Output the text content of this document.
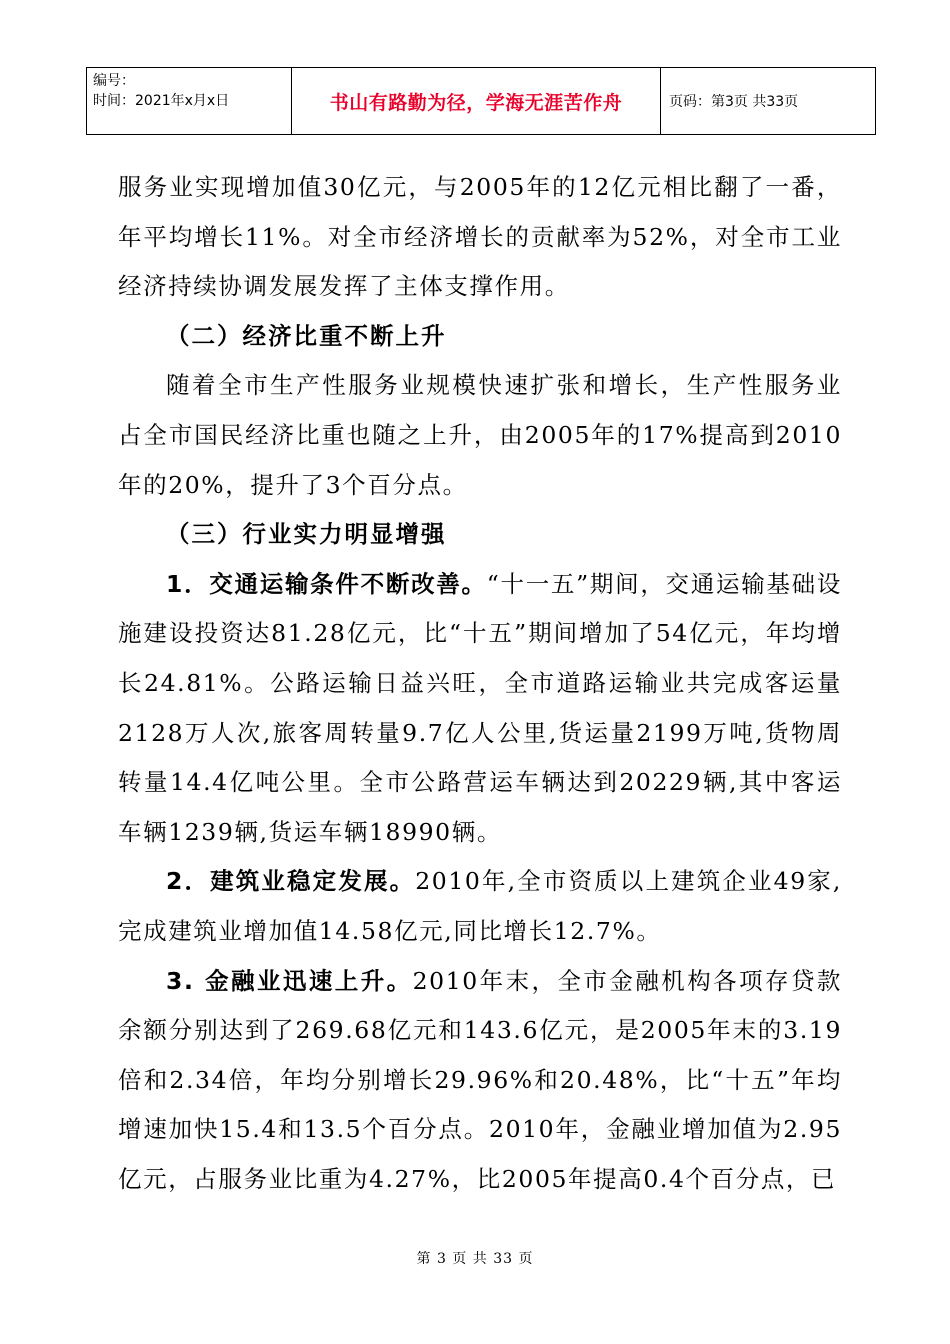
编号：
时间：2021年x月x日	书山有路勤为径，学海无涯苦作舟	页码：第3页 共33页

服务业实现增加值30亿元，与2005年的12亿元相比翻了一番，年平均增长11%。对全市经济增长的贡献率为52%，对全市工业经济持续协调发展发挥了主体支撑作用。

（二）经济比重不断上升

随着全市生产性服务业规模快速扩张和增长，生产性服务业占全市国民经济比重也随之上升，由2005年的17%提高到2010年的20%，提升了3个百分点。

（三）行业实力明显增强

1．交通运输条件不断改善。“十一五”期间，交通运输基础设施建设投资达81.28亿元，比“十五”期间增加了54亿元，年均增长24.81%。公路运输日益兴旺，全市道路运输业共完成客运量2128万人次,旅客周转量9.7亿人公里,货运量2199万吨,货物周转量14.4亿吨公里。全市公路营运车辆达到20229辆,其中客运车辆1239辆,货运车辆18990辆。

2．建筑业稳定发展。2010年,全市资质以上建筑企业49家,完成建筑业增加值14.58亿元,同比增长12.7%。

3. 金融业迅速上升。2010年末，全市金融机构各项存贷款余额分别达到了269.68亿元和143.6亿元，是2005年末的3.19倍和2.34倍，年均分别增长29.96%和20.48%，比“十五”年均增速加快15.4和13.5个百分点。2010年，金融业增加值为2.95亿元，占服务业比重为4.27%，比2005年提高0.4个百分点，已

第 3 页 共 33 页
